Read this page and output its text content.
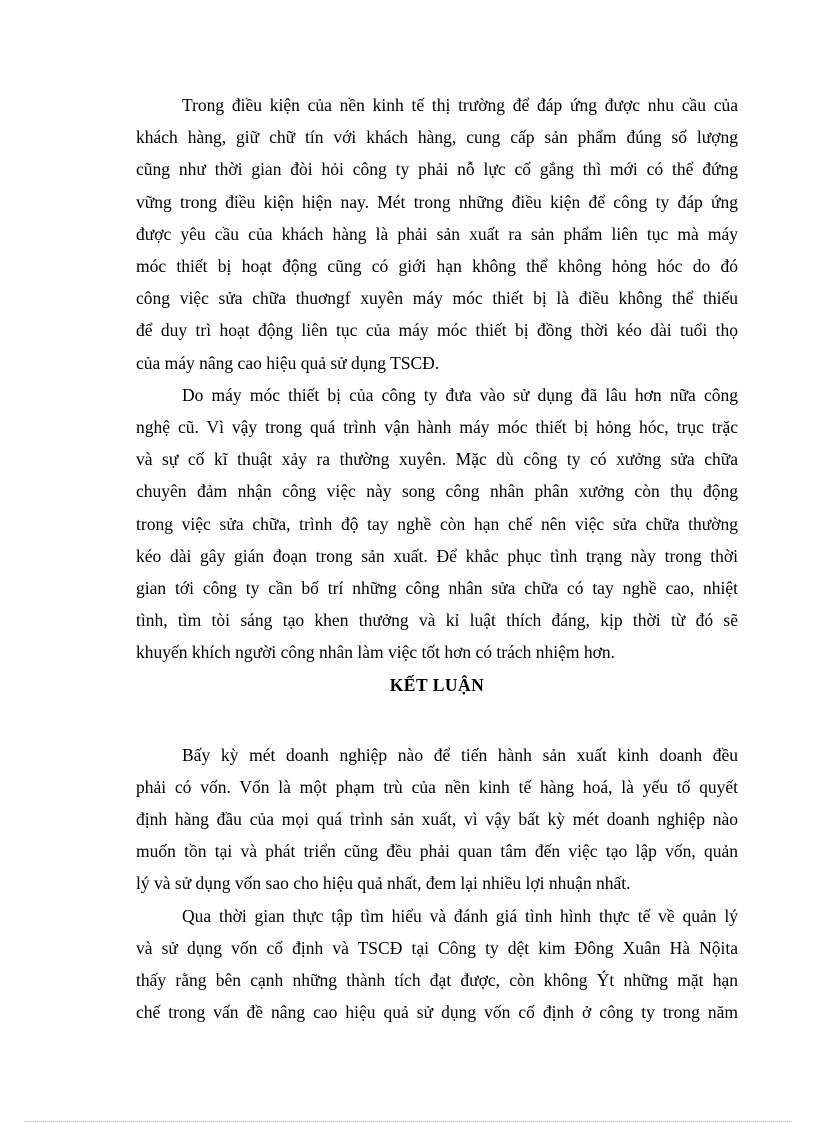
Trong điều kiện của nền kinh tế thị trường để đáp ứng được nhu cầu của
khách hàng, giữ chữ tín với khách hàng, cung cấp sản phẩm đúng số lượng
cũng như thời gian đòi hỏi công ty phải nỗ lực cố gắng thì mới có thể đứng
vững trong điều kiện hiện nay. Mét trong những điều kiện để công ty đáp ứng
được yêu cầu của khách hàng là phải sản xuất ra sản phẩm liên tục mà máy
móc thiết bị hoạt động cũng có giới hạn không thể không hỏng hóc do đó
công việc sửa chữa thuơngf xuyên máy móc thiết bị là điều không thể thiếu
để duy trì hoạt động liên tục của máy móc thiết bị đồng thời kéo dài tuổi thọ
của máy nâng cao hiệu quả sử dụng TSCĐ.

Do máy móc thiết bị của công ty đưa vào sử dụng đã lâu hơn nữa công
nghệ cũ. Vì vậy trong quá trình vận hành máy móc thiết bị hỏng hóc, trục trặc
và sự cố kĩ thuật xảy ra thường xuyên. Mặc dù công ty có xưởng sửa chữa
chuyên đảm nhận công việc này song công nhân phân xưởng còn thụ động
trong việc sửa chữa, trình độ tay nghề còn hạn chế nên việc sửa chữa thường
kéo dài gây gián đoạn trong sản xuất. Để khắc phục tình trạng này trong thời
gian tới công ty cần bố trí những công nhân sửa chữa có tay nghề cao, nhiệt
tình, tìm tòi sáng tạo khen thưởng và kỉ luật thích đáng, kịp thời từ đó sẽ
khuyến khích người công nhân làm việc tốt hơn có trách nhiệm hơn.

KẾT LUẬN

Bấy kỳ mét doanh nghiệp nào để tiến hành sản xuất kinh doanh đều
phải có vốn. Vốn là một phạm trù của nền kinh tế hàng hoá, là yếu tố quyết
định hàng đầu của mọi quá trình sản xuất, vì vậy bất kỳ mét doanh nghiệp nào
muốn tồn tại và phát triển cũng đều phải quan tâm đến việc tạo lập vốn, quản
lý và sử dụng vốn sao cho hiệu quả nhất, đem lại nhiều lợi nhuận nhất.

Qua thời gian thực tập tìm hiểu và đánh giá tình hình thực tế về quản lý
và sử dụng vốn cố định và TSCĐ tại Công ty dệt kim Đông Xuân Hà Nộita
thấy rằng bên cạnh những thành tích đạt được, còn không Ýt những mặt hạn
chế trong vấn đề nâng cao hiệu quả sử dụng vốn cố định ở công ty trong năm
